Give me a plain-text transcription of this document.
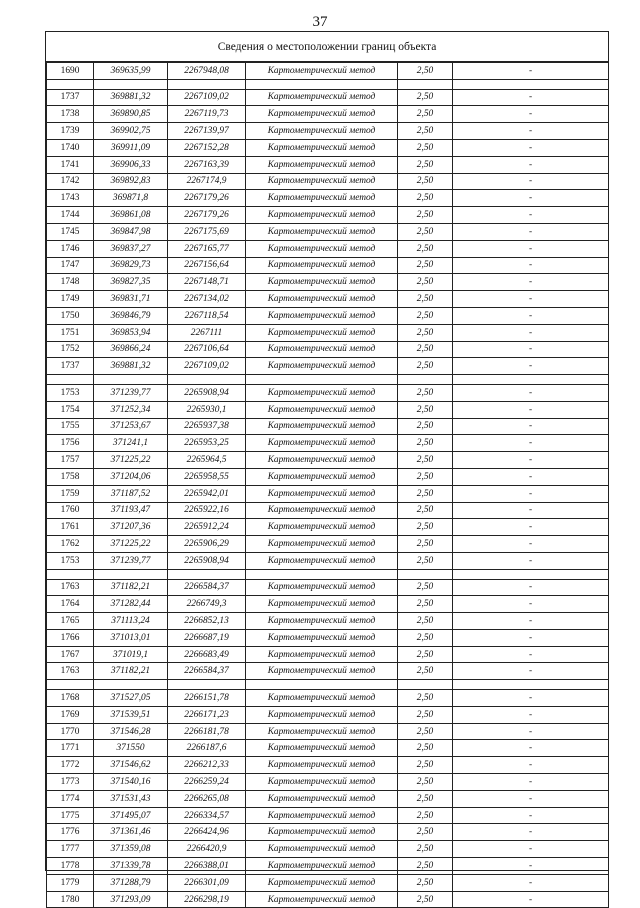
37
Сведения о местоположении границ объекта
1690	369635,99	2267948,08	Картометрический метод	2,50	-

1737	369881,32	2267109,02	Картометрический метод	2,50	-
1738	369890,85	2267119,73	Картометрический метод	2,50	-
1739	369902,75	2267139,97	Картометрический метод	2,50	-
1740	369911,09	2267152,28	Картометрический метод	2,50	-
1741	369906,33	2267163,39	Картометрический метод	2,50	-
1742	369892,83	2267174,9	Картометрический метод	2,50	-
1743	369871,8	2267179,26	Картометрический метод	2,50	-
1744	369861,08	2267179,26	Картометрический метод	2,50	-
1745	369847,98	2267175,69	Картометрический метод	2,50	-
1746	369837,27	2267165,77	Картометрический метод	2,50	-
1747	369829,73	2267156,64	Картометрический метод	2,50	-
1748	369827,35	2267148,71	Картометрический метод	2,50	-
1749	369831,71	2267134,02	Картометрический метод	2,50	-
1750	369846,79	2267118,54	Картометрический метод	2,50	-
1751	369853,94	2267111	Картометрический метод	2,50	-
1752	369866,24	2267106,64	Картометрический метод	2,50	-
1737	369881,32	2267109,02	Картометрический метод	2,50	-

1753	371239,77	2265908,94	Картометрический метод	2,50	-
1754	371252,34	2265930,1	Картометрический метод	2,50	-
1755	371253,67	2265937,38	Картометрический метод	2,50	-
1756	371241,1	2265953,25	Картометрический метод	2,50	-
1757	371225,22	2265964,5	Картометрический метод	2,50	-
1758	371204,06	2265958,55	Картометрический метод	2,50	-
1759	371187,52	2265942,01	Картометрический метод	2,50	-
1760	371193,47	2265922,16	Картометрический метод	2,50	-
1761	371207,36	2265912,24	Картометрический метод	2,50	-
1762	371225,22	2265906,29	Картометрический метод	2,50	-
1753	371239,77	2265908,94	Картометрический метод	2,50	-

1763	371182,21	2266584,37	Картометрический метод	2,50	-
1764	371282,44	2266749,3	Картометрический метод	2,50	-
1765	371113,24	2266852,13	Картометрический метод	2,50	-
1766	371013,01	2266687,19	Картометрический метод	2,50	-
1767	371019,1	2266683,49	Картометрический метод	2,50	-
1763	371182,21	2266584,37	Картометрический метод	2,50	-

1768	371527,05	2266151,78	Картометрический метод	2,50	-
1769	371539,51	2266171,23	Картометрический метод	2,50	-
1770	371546,28	2266181,78	Картометрический метод	2,50	-
1771	371550	2266187,6	Картометрический метод	2,50	-
1772	371546,62	2266212,33	Картометрический метод	2,50	-
1773	371540,16	2266259,24	Картометрический метод	2,50	-
1774	371531,43	2266265,08	Картометрический метод	2,50	-
1775	371495,07	2266334,57	Картометрический метод	2,50	-
1776	371361,46	2266424,96	Картометрический метод	2,50	-
1777	371359,08	2266420,9	Картометрический метод	2,50	-
1778	371339,78	2266388,01	Картометрический метод	2,50	-
1779	371288,79	2266301,09	Картометрический метод	2,50	-
1780	371293,09	2266298,19	Картометрический метод	2,50	-
